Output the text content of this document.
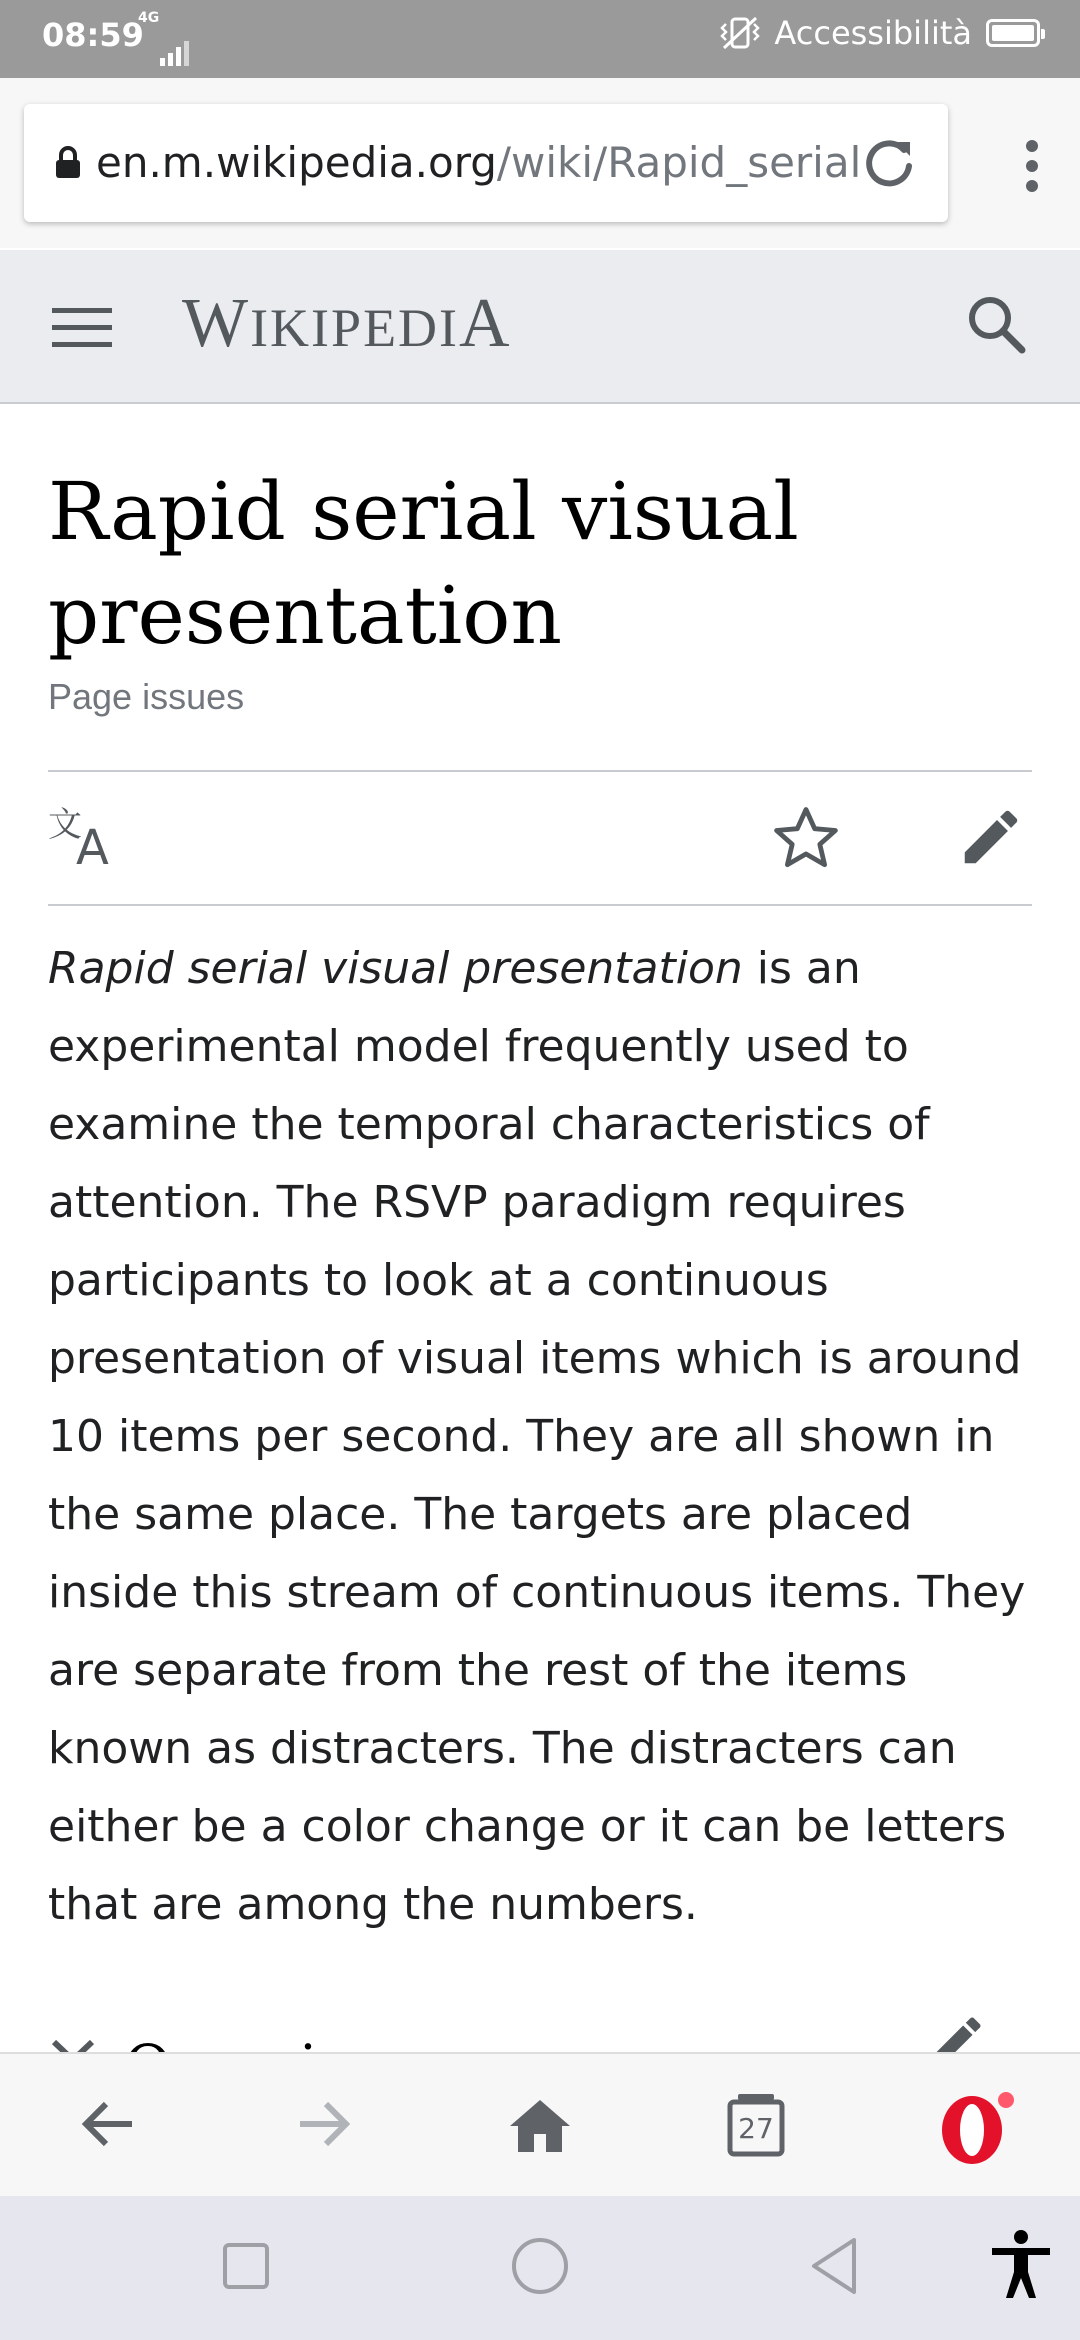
08:59
4G	Accessibilità
en.m.wikipedia.org/wiki/Rapid_serial
WIKIPEDIA
Rapid serial visual presentation
Page issues
文
A

Rapid serial visual presentation is an experimental model frequently used to examine the temporal characteristics of attention. The RSVP paradigm requires participants to look at a continuous presentation of visual items which is around 10 items per second. They are all shown in the same place. The targets are placed inside this stream of continuous items. They are separate from the rest of the items known as distracters. The distracters can either be a color change or it can be letters that are among the numbers.

27
